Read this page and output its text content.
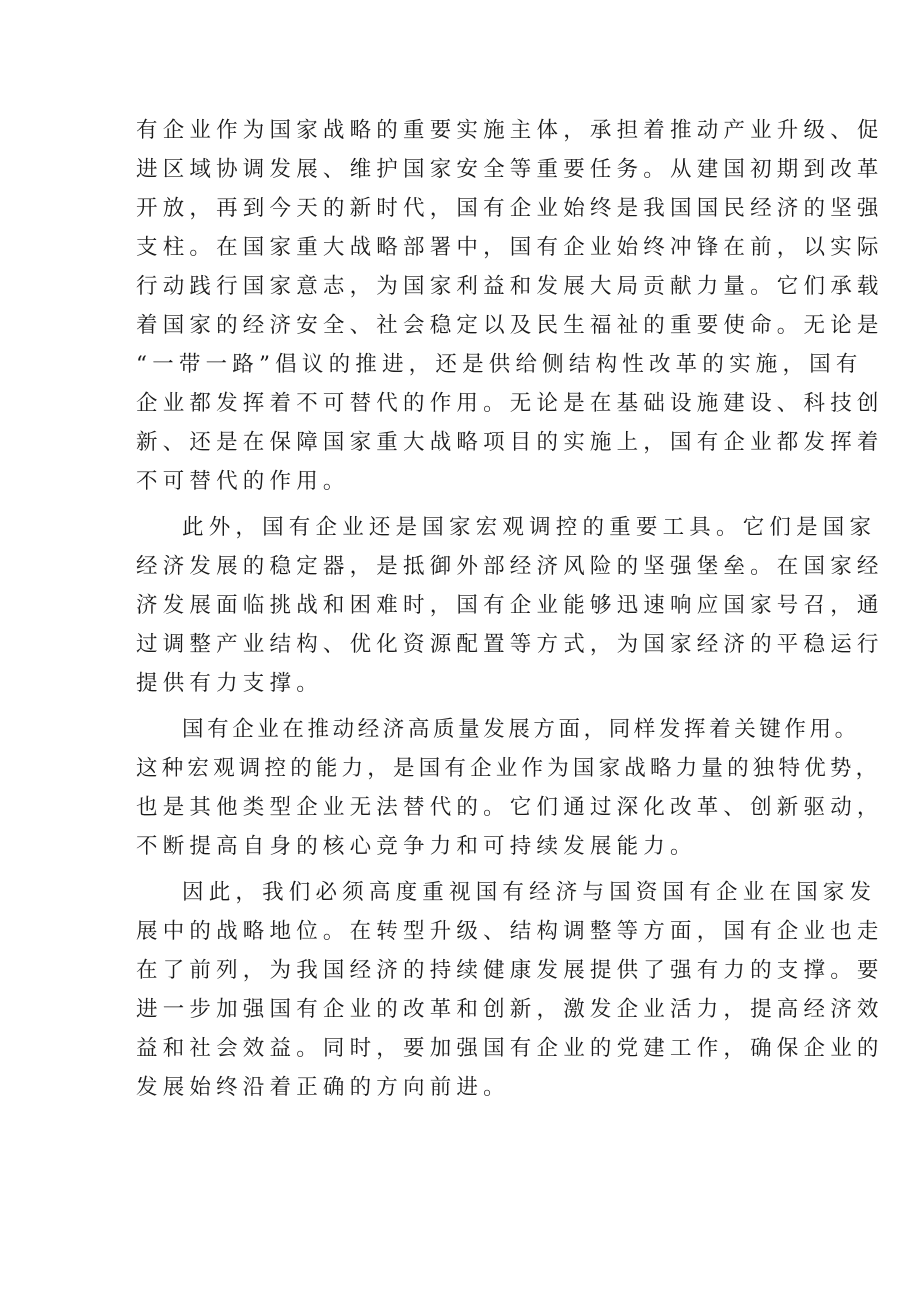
有企业作为国家战略的重要实施主体，承担着推动产业升级、促
进区域协调发展、维护国家安全等重要任务。从建国初期到改革
开放，再到今天的新时代，国有企业始终是我国国民经济的坚强
支柱。在国家重大战略部署中，国有企业始终冲锋在前，以实际
行动践行国家意志，为国家利益和发展大局贡献力量。它们承载
着国家的经济安全、社会稳定以及民生福祉的重要使命。无论是
“一带一路”倡议的推进，还是供给侧结构性改革的实施，国有
企业都发挥着不可替代的作用。无论是在基础设施建设、科技创
新、还是在保障国家重大战略项目的实施上，国有企业都发挥着
不可替代的作用。
此外，国有企业还是国家宏观调控的重要工具。它们是国家
经济发展的稳定器，是抵御外部经济风险的坚强堡垒。在国家经
济发展面临挑战和困难时，国有企业能够迅速响应国家号召，通
过调整产业结构、优化资源配置等方式，为国家经济的平稳运行
提供有力支撑。
国有企业在推动经济高质量发展方面，同样发挥着关键作用。
这种宏观调控的能力，是国有企业作为国家战略力量的独特优势，
也是其他类型企业无法替代的。它们通过深化改革、创新驱动，
不断提高自身的核心竞争力和可持续发展能力。
因此，我们必须高度重视国有经济与国资国有企业在国家发
展中的战略地位。在转型升级、结构调整等方面，国有企业也走
在了前列，为我国经济的持续健康发展提供了强有力的支撑。要
进一步加强国有企业的改革和创新，激发企业活力，提高经济效
益和社会效益。同时，要加强国有企业的党建工作，确保企业的
发展始终沿着正确的方向前进。
